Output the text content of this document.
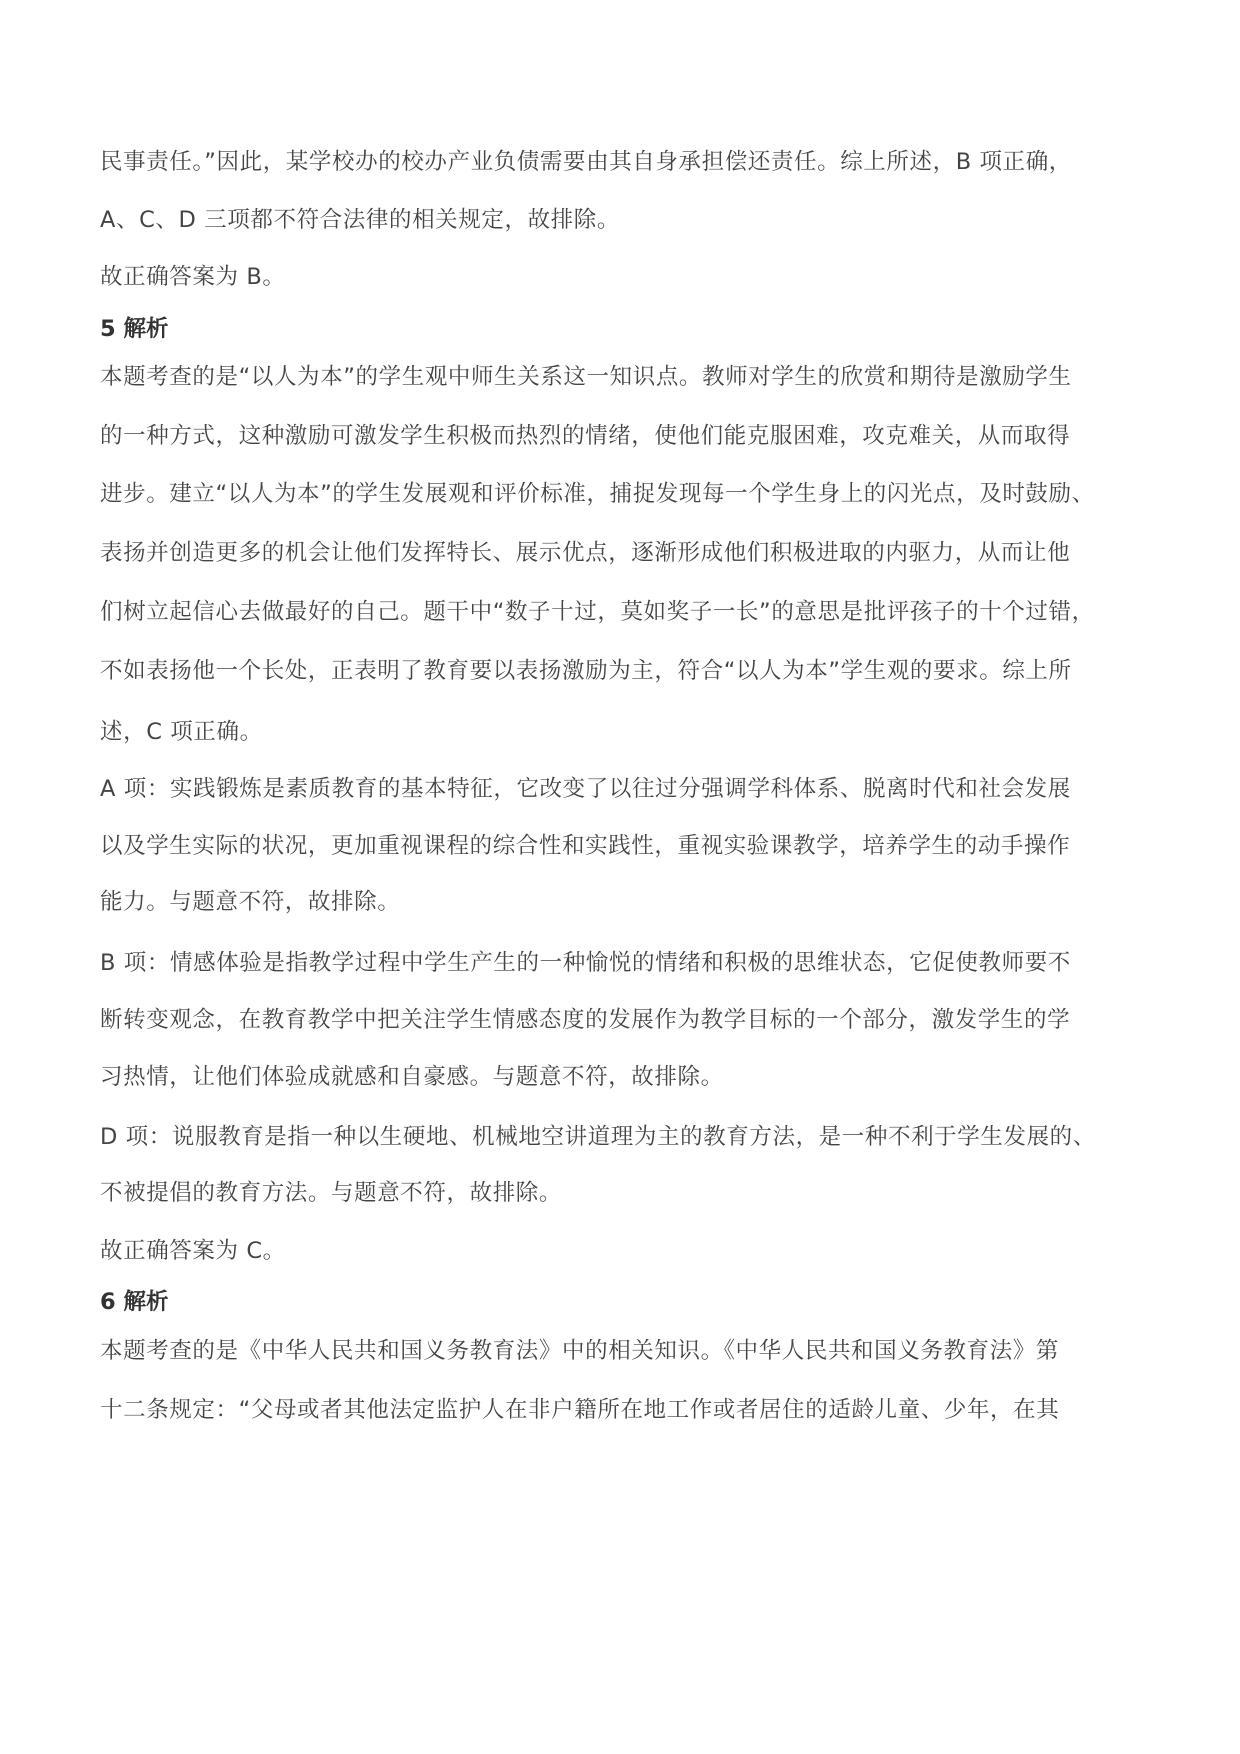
民事责任。”因此，某学校办的校办产业负债需要由其自身承担偿还责任。综上所述，B 项正确，

A、C、D 三项都不符合法律的相关规定，故排除。

故正确答案为 B。

5 解析

本题考查的是“以人为本”的学生观中师生关系这一知识点。教师对学生的欣赏和期待是激励学生

的一种方式，这种激励可激发学生积极而热烈的情绪，使他们能克服困难，攻克难关，从而取得

进步。建立“以人为本”的学生发展观和评价标准，捕捉发现每一个学生身上的闪光点，及时鼓励、

表扬并创造更多的机会让他们发挥特长、展示优点，逐渐形成他们积极进取的内驱力，从而让他

们树立起信心去做最好的自己。题干中“数子十过，莫如奖子一长”的意思是批评孩子的十个过错，

不如表扬他一个长处，正表明了教育要以表扬激励为主，符合“以人为本”学生观的要求。综上所

述，C 项正确。

A 项：实践锻炼是素质教育的基本特征，它改变了以往过分强调学科体系、脱离时代和社会发展

以及学生实际的状况，更加重视课程的综合性和实践性，重视实验课教学，培养学生的动手操作

能力。与题意不符，故排除。

B 项：情感体验是指教学过程中学生产生的一种愉悦的情绪和积极的思维状态，它促使教师要不

断转变观念，在教育教学中把关注学生情感态度的发展作为教学目标的一个部分，激发学生的学

习热情，让他们体验成就感和自豪感。与题意不符，故排除。

D 项：说服教育是指一种以生硬地、机械地空讲道理为主的教育方法，是一种不利于学生发展的、

不被提倡的教育方法。与题意不符，故排除。

故正确答案为 C。

6 解析

本题考查的是《中华人民共和国义务教育法》中的相关知识。《中华人民共和国义务教育法》第

十二条规定：“父母或者其他法定监护人在非户籍所在地工作或者居住的适龄儿童、少年，在其
